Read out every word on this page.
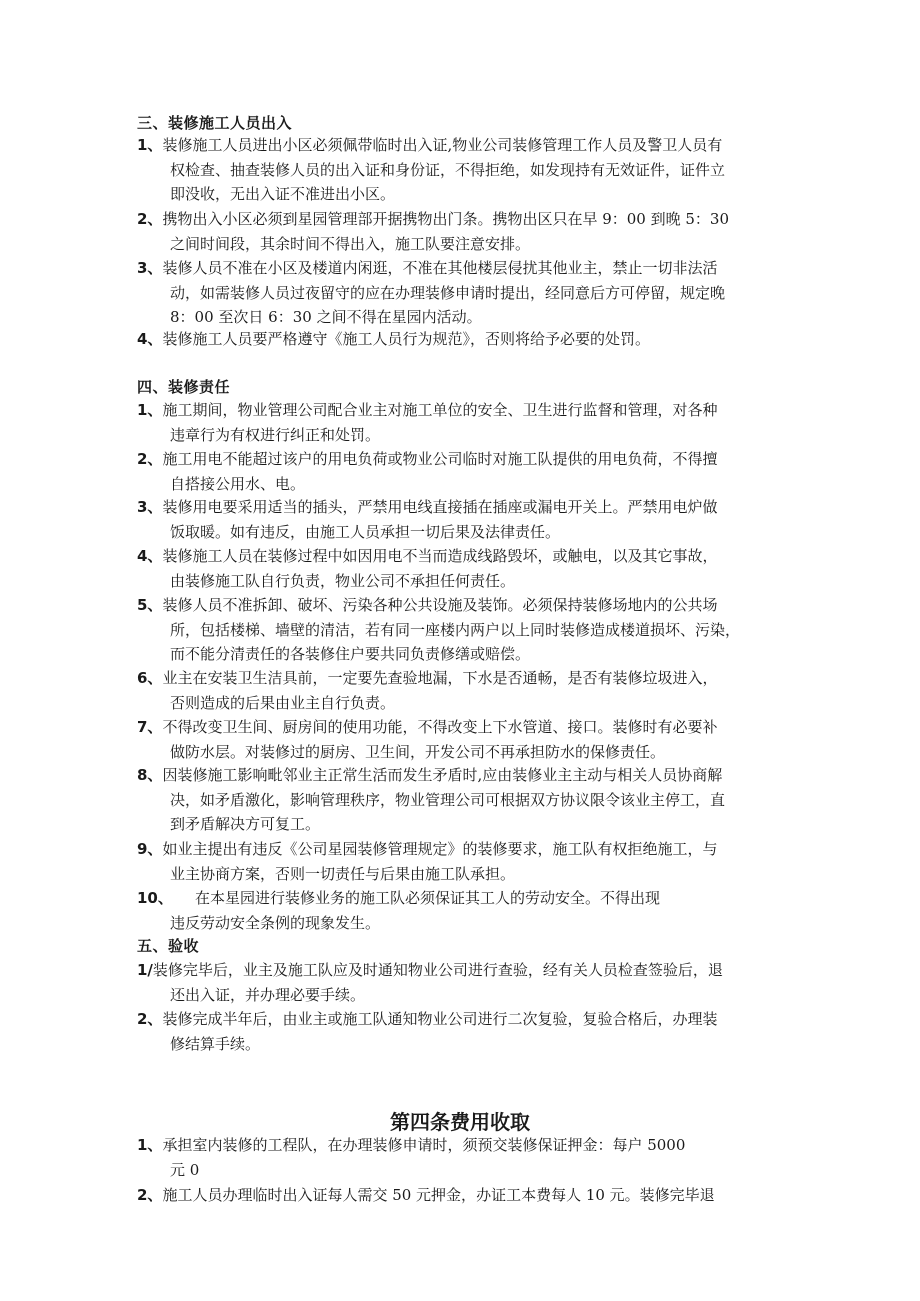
三、装修施工人员出入
1、装修施工人员进出小区必须佩带临时出入证,物业公司装修管理工作人员及警卫人员有
权检查、抽查装修人员的出入证和身份证，不得拒绝，如发现持有无效证件，证件立
即没收，无出入证不准进出小区。
2、携物出入小区必须到星园管理部开据携物出门条。携物出区只在早 9：00 到晚 5：30
之间时间段，其余时间不得出入，施工队要注意安排。
3、装修人员不准在小区及楼道内闲逛，不准在其他楼层侵扰其他业主，禁止一切非法活
动，如需装修人员过夜留守的应在办理装修申请时提出，经同意后方可停留，规定晚
8：00 至次日 6：30 之间不得在星园内活动。
4、装修施工人员要严格遵守《施工人员行为规范》，否则将给予必要的处罚。
四、装修责任
1、施工期间，物业管理公司配合业主对施工单位的安全、卫生进行监督和管理，对各种
违章行为有权进行纠正和处罚。
2、施工用电不能超过该户的用电负荷或物业公司临时对施工队提供的用电负荷，不得擅
自搭接公用水、电。
3、装修用电要采用适当的插头，严禁用电线直接插在插座或漏电开关上。严禁用电炉做
饭取暖。如有违反，由施工人员承担一切后果及法律责任。
4、装修施工人员在装修过程中如因用电不当而造成线路毁坏，或触电，以及其它事故，
由装修施工队自行负责，物业公司不承担任何责任。
5、装修人员不准拆卸、破坏、污染各种公共设施及装饰。必须保持装修场地内的公共场
所，包括楼梯、墙壁的清洁，若有同一座楼内两户以上同时装修造成楼道损坏、污染，
而不能分清责任的各装修住户要共同负责修缮或赔偿。
6、业主在安装卫生洁具前，一定要先查验地漏，下水是否通畅，是否有装修垃圾进入，
否则造成的后果由业主自行负责。
7、不得改变卫生间、厨房间的使用功能，不得改变上下水管道、接口。装修时有必要补
做防水层。对装修过的厨房、卫生间，开发公司不再承担防水的保修责任。
8、因装修施工影响毗邻业主正常生活而发生矛盾时,应由装修业主主动与相关人员协商解
决，如矛盾激化，影响管理秩序，物业管理公司可根据双方协议限令该业主停工，直
到矛盾解决方可复工。
9、如业主提出有违反《公司星园装修管理规定》的装修要求，施工队有权拒绝施工，与
业主协商方案，否则一切责任与后果由施工队承担。
10、 在本星园进行装修业务的施工队必须保证其工人的劳动安全。不得出现
违反劳动安全条例的现象发生。
五、验收
1/装修完毕后，业主及施工队应及时通知物业公司进行查验，经有关人员检查签验后，退
还出入证，并办理必要手续。
2、装修完成半年后，由业主或施工队通知物业公司进行二次复验，复验合格后，办理装
修结算手续。
第四条费用收取
1、承担室内装修的工程队，在办理装修申请时，须预交装修保证押金：每户 5000
元 0
2、施工人员办理临时出入证每人需交 50 元押金，办证工本费每人 10 元。装修完毕退
